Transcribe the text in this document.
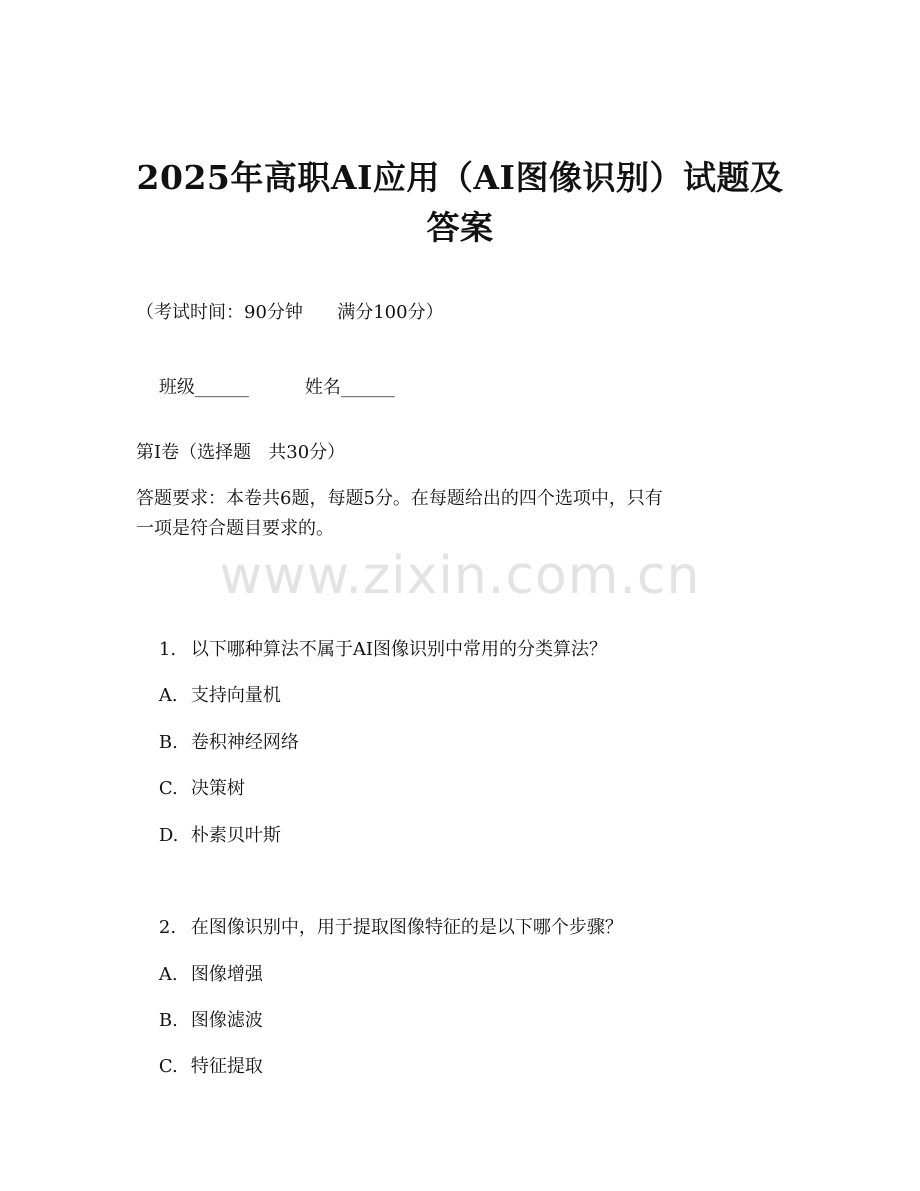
www.zixin.com.cn
2025年高职AI应用（AI图像识别）试题及
答案
（考试时间：90分钟      满分100分）

班级______	姓名______

第I卷（选择题   共30分）
答题要求：本卷共6题，每题5分。在每题给出的四个选项中，只有
一项是符合题目要求的。

1. 以下哪种算法不属于AI图像识别中常用的分类算法？

A. 支持向量机

B. 卷积神经网络

C. 决策树

D. 朴素贝叶斯

2. 在图像识别中，用于提取图像特征的是以下哪个步骤？

A. 图像增强

B. 图像滤波

C. 特征提取
